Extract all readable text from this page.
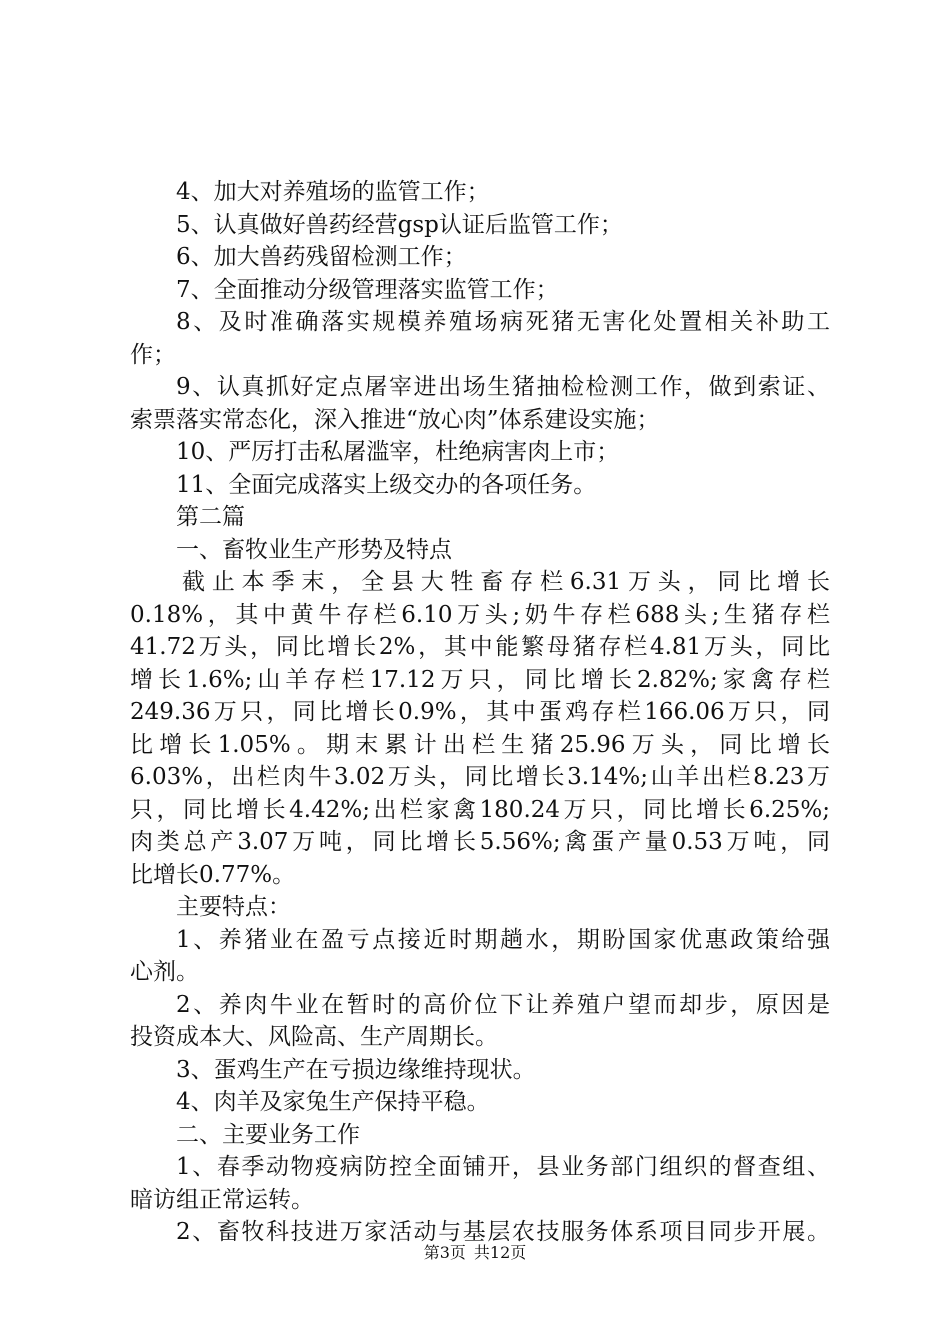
4、加大对养殖场的监管工作；
5、认真做好兽药经营gsp认证后监管工作；
6、加大兽药残留检测工作；
7、全面推动分级管理落实监管工作；
8、及时准确落实规模养殖场病死猪无害化处置相关补助工
作；
9、认真抓好定点屠宰进出场生猪抽检检测工作，做到索证、
索票落实常态化，深入推进“放心肉”体系建设实施；
10、严厉打击私屠滥宰，杜绝病害肉上市；
11、全面完成落实上级交办的各项任务。
第二篇
一、畜牧业生产形势及特点
截止本季末，全县大牲畜存栏6.31万头，同比增长
0.18%，其中黄牛存栏6.10万头;奶牛存栏688头;生猪存栏
41.72万头，同比增长2%，其中能繁母猪存栏4.81万头，同比
增长1.6%;山羊存栏17.12万只，同比增长2.82%;家禽存栏
249.36万只，同比增长0.9%，其中蛋鸡存栏166.06万只，同
比增长1.05%。期末累计出栏生猪25.96万头，同比增长
6.03%，出栏肉牛3.02万头，同比增长3.14%;山羊出栏8.23万
只，同比增长4.42%;出栏家禽180.24万只，同比增长6.25%;
肉类总产3.07万吨，同比增长5.56%;禽蛋产量0.53万吨，同
比增长0.77%。
主要特点：
1、养猪业在盈亏点接近时期趟水，期盼国家优惠政策给强
心剂。
2、养肉牛业在暂时的高价位下让养殖户望而却步，原因是
投资成本大、风险高、生产周期长。
3、蛋鸡生产在亏损边缘维持现状。
4、肉羊及家兔生产保持平稳。
二、主要业务工作
1、春季动物疫病防控全面铺开，县业务部门组织的督查组、
暗访组正常运转。
2、畜牧科技进万家活动与基层农技服务体系项目同步开展。
第3页 共12页
